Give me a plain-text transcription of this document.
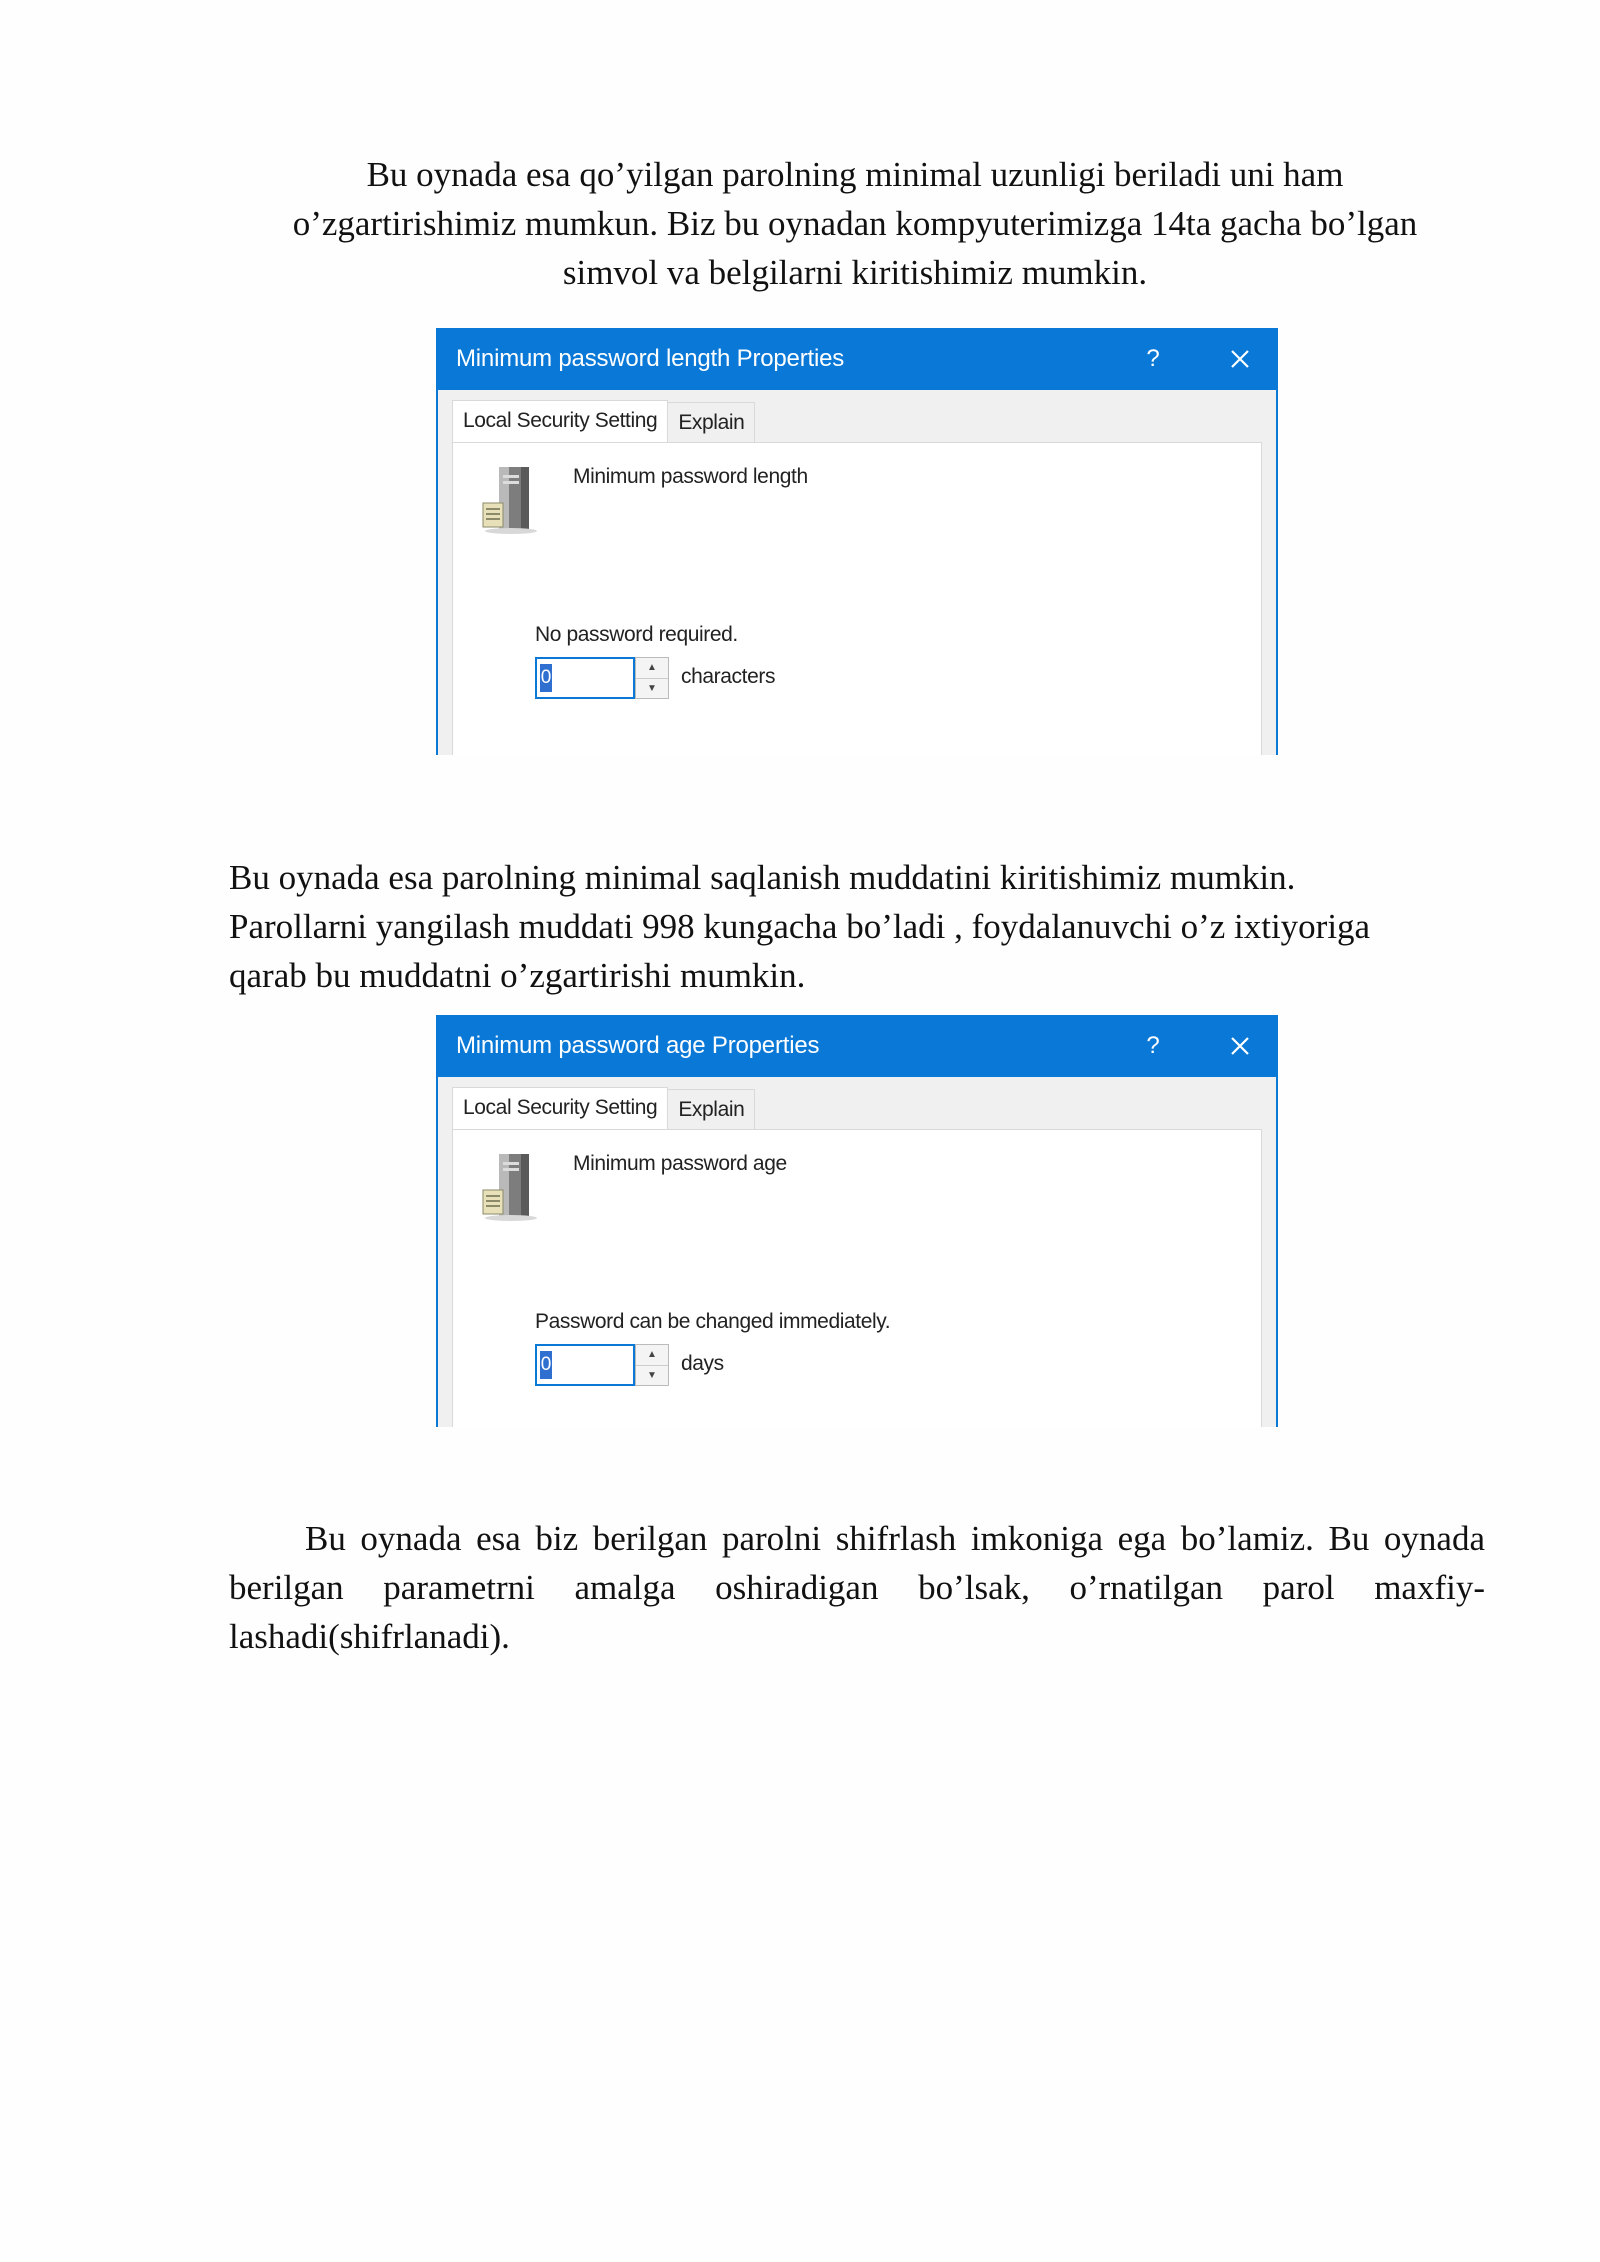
Bu oynada esa qo’yilgan parolning minimal uzunligi beriladi uni ham
o’zgartirishimiz mumkun. Biz bu oynadan kompyuterimizga 14ta gacha bo’lgan
simvol va belgilarni kiritishimiz mumkin.
Minimum password length Properties	?
Local Security Setting	Explain
Minimum password length
No password required.
0	▲
▼
characters
Bu oynada esa parolning minimal saqlanish muddatini kiritishimiz mumkin.
Parollarni yangilash muddati 998 kungacha bo’ladi , foydalanuvchi o’z ixtiyoriga
qarab bu muddatni o’zgartirishi mumkin.
Minimum password age Properties	?
Local Security Setting	Explain
Minimum password age
Password can be changed immediately.
0	▲
▼
days
Bu oynada esa biz berilgan parolni shifrlash imkoniga ega bo’lamiz. Bu oynada berilgan parametrni amalga oshiradigan bo’lsak, o’rnatilgan parol maxfiy-lashadi(shifrlanadi).
